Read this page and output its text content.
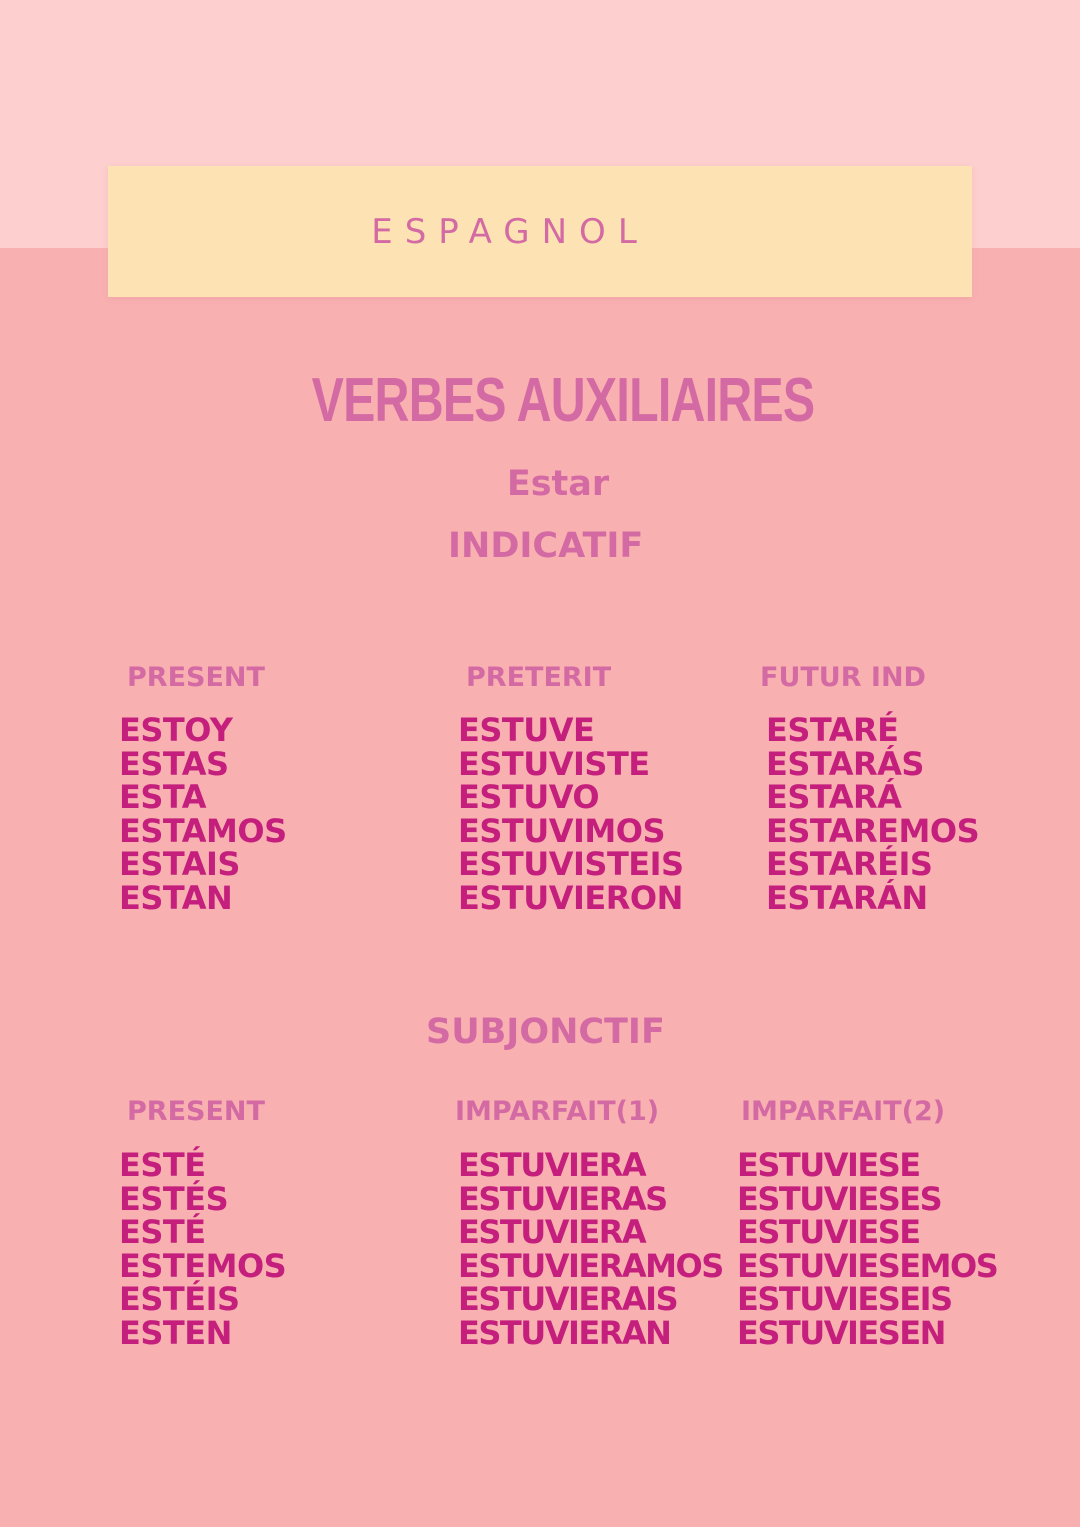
ESPAGNOL
VERBES AUXILIAIRES
Estar
INDICATIF
PRESENT
ESTOY
ESTAS
ESTA
ESTAMOS
ESTAIS
ESTAN
PRETERIT
ESTUVE
ESTUVISTE
ESTUVO
ESTUVIMOS
ESTUVISTEIS
ESTUVIERON
FUTUR IND
ESTARÉ
ESTARÁS
ESTARÁ
ESTAREMOS
ESTARÉIS
ESTARÁN
SUBJONCTIF
PRESENT
ESTÉ
ESTÉS
ESTÉ
ESTEMOS
ESTÉIS
ESTEN
IMPARFAIT(1)
ESTUVIERA
ESTUVIERAS
ESTUVIERA
ESTUVIERAMOS
ESTUVIERAIS
ESTUVIERAN
IMPARFAIT(2)
ESTUVIESE
ESTUVIESES
ESTUVIESE
ESTUVIESEMOS
ESTUVIESEIS
ESTUVIESEN
